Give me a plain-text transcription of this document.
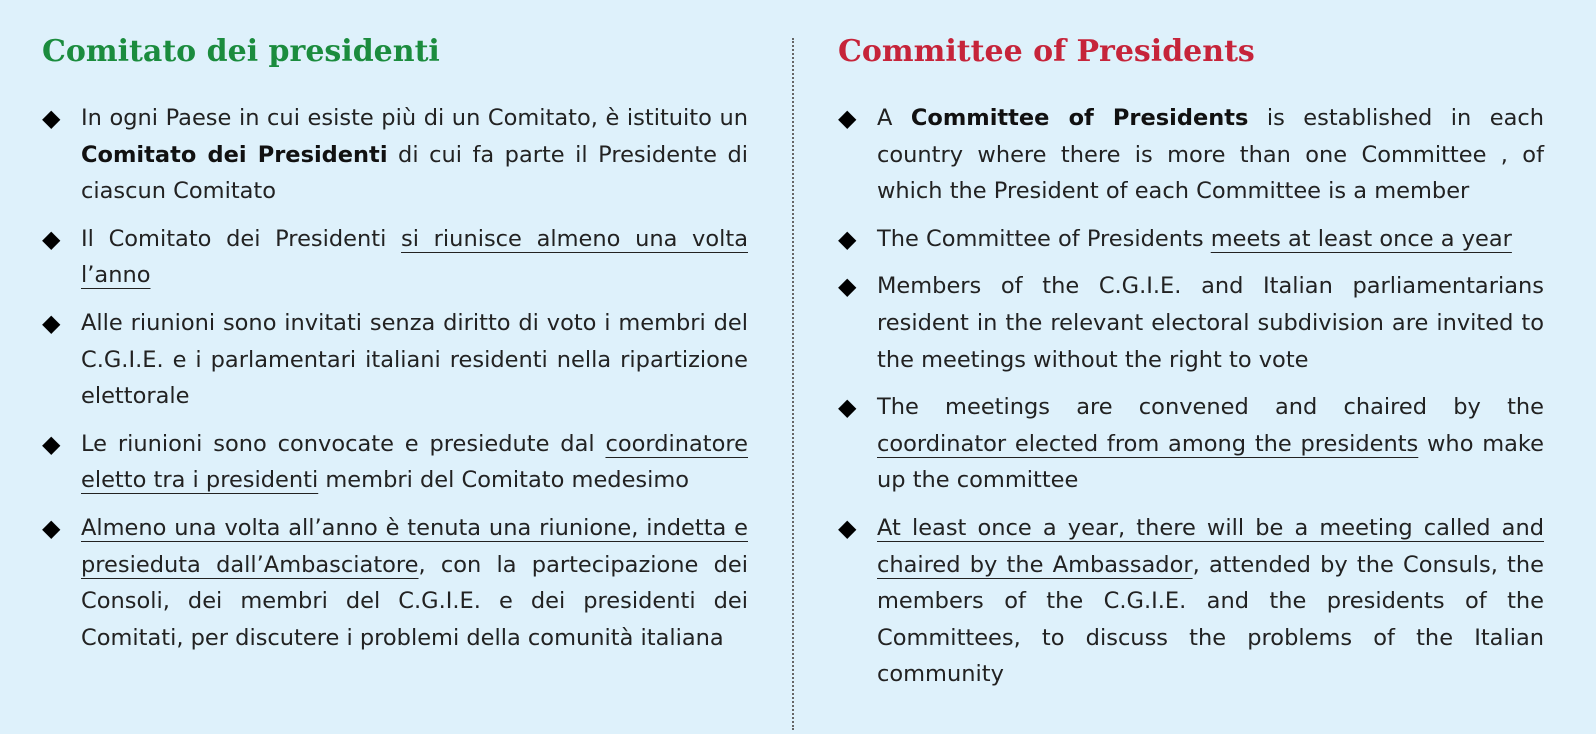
Comitato dei presidenti
◆ In ogni Paese in cui esiste più di un Comitato, è istituito un Comitato dei Presidenti di cui fa parte il Presidente di ciascun Comitato
◆ Il Comitato dei Presidenti si riunisce almeno una volta l’anno
◆ Alle riunioni sono invitati senza diritto di voto i membri del C.G.I.E. e i parlamentari italiani residenti nella ripartizione elettorale
◆ Le riunioni sono convocate e presiedute dal coordinatore eletto tra i presidenti membri del Comitato medesimo
◆ Almeno una volta all’anno è tenuta una riunione, indetta e presieduta dall’Ambasciatore, con la partecipazione dei Consoli, dei membri del C.G.I.E. e dei presidenti dei Comitati, per discutere i problemi della comunità italiana
Committee of Presidents
◆ A Committee of Presidents is established in each country where there is more than one Committee , of which the President of each Committee is a member
◆ The Committee of Presidents meets at least once a year
◆ Members of the C.G.I.E. and Italian parliamentarians resident in the relevant electoral subdivision are invited to the meetings without the right to vote
◆ The meetings are convened and chaired by the coordinator elected from among the presidents who make up the committee
◆ At least once a year, there will be a meeting called and chaired by the Ambassador, attended by the Consuls, the members of the C.G.I.E. and the presidents of the Committees, to discuss the problems of the Italian community
